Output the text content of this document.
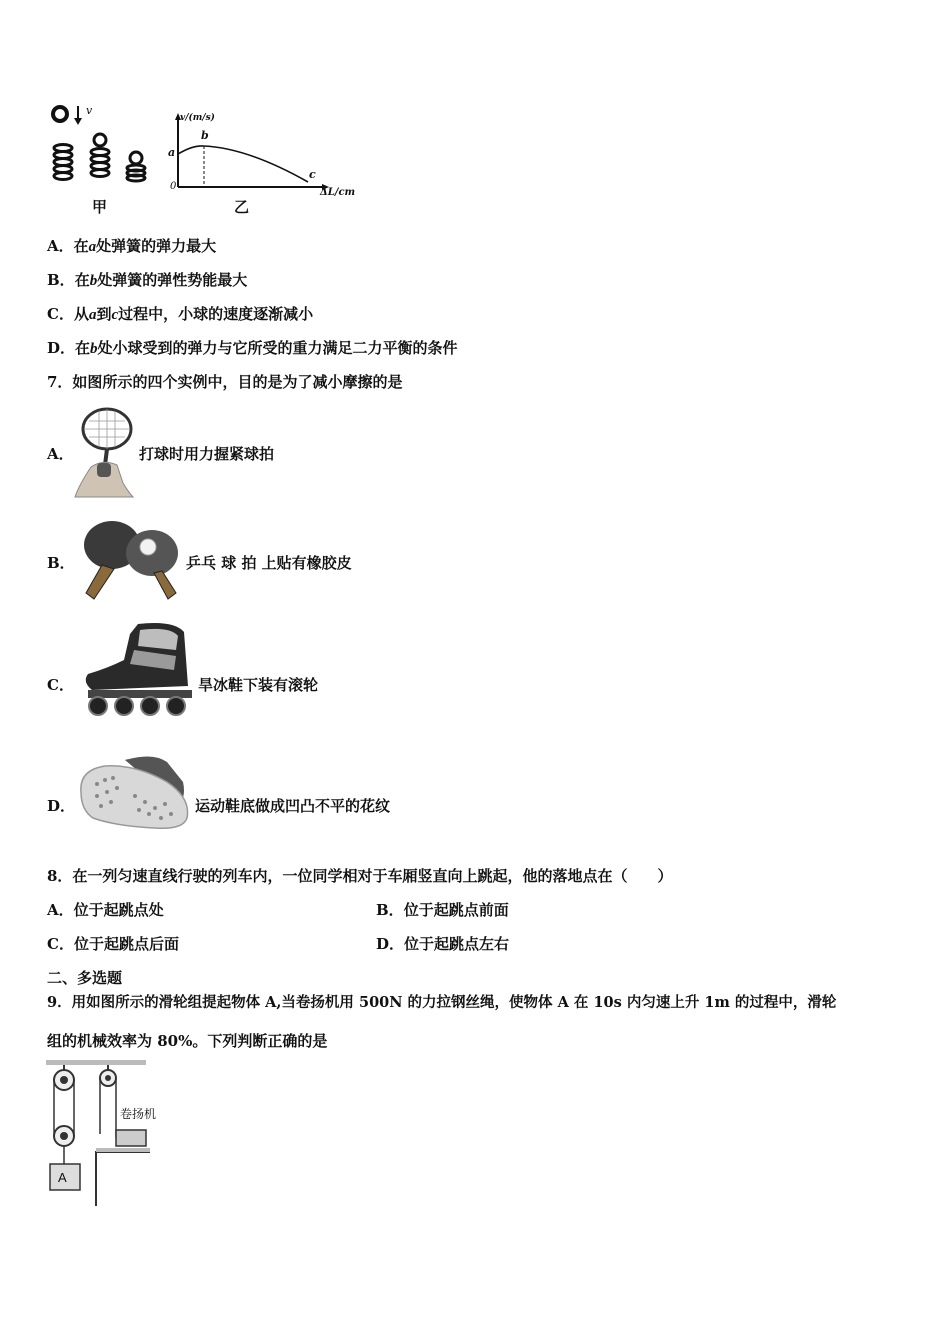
甲
v
v/(m/s)
a
b
c
0
ΔL/cm
乙
A．在a处弹簧的弹力最大
B．在b处弹簧的弹性势能最大
C．从a到c过程中，小球的速度逐渐减小
D．在b处小球受到的弹力与它所受的重力满足二力平衡的条件
7．如图所示的四个实例中，目的是为了减小摩擦的是
A．	打球时用力握紧球拍
B．	乒乓 球 拍 上贴有橡胶皮
C．	旱冰鞋下装有滚轮
D．	运动鞋底做成凹凸不平的花纹
8．在一列匀速直线行驶的列车内，一位同学相对于车厢竖直向上跳起，他的落地点在（　　）
A．位于起跳点处	B．位于起跳点前面
C．位于起跳点后面	D．位于起跳点左右
二、多选题
9．用如图所示的滑轮组提起物体 A,当卷扬机用 500N 的力拉钢丝绳，使物体 A 在 10s 内匀速上升 1m 的过程中，滑轮
组的机械效率为 80%。下列判断正确的是
A
卷扬机
